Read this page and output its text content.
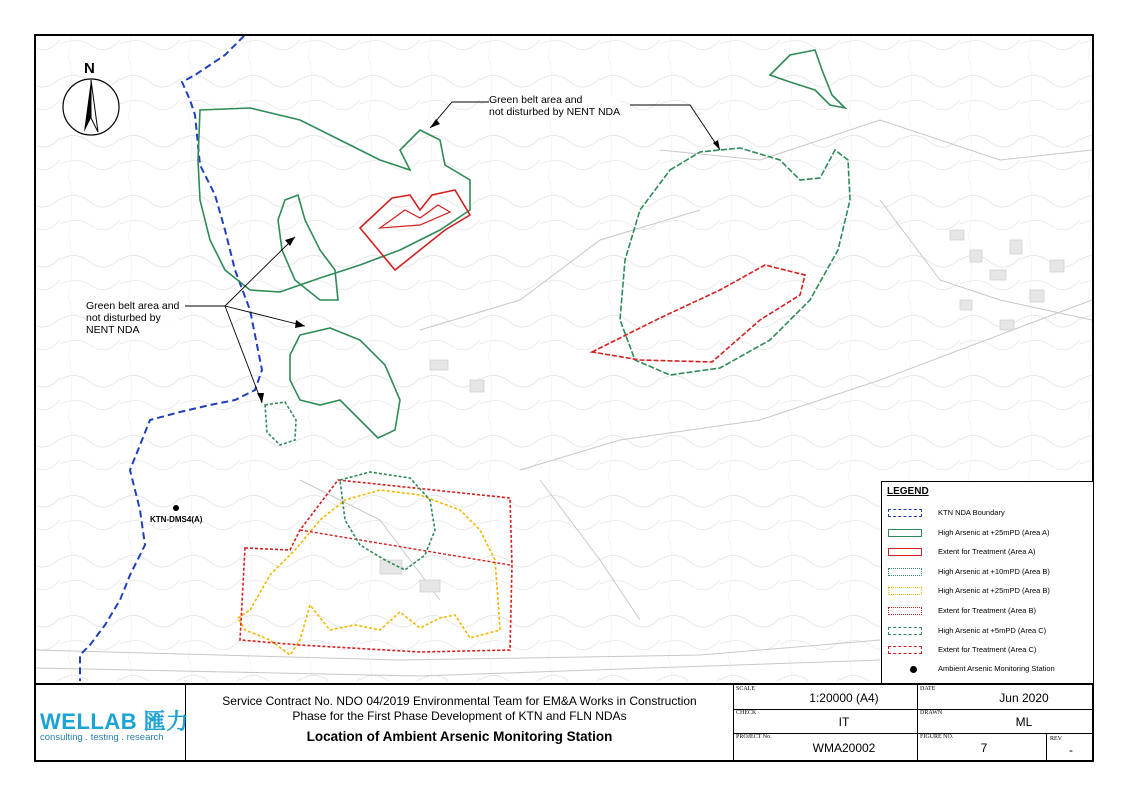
N
Green belt area and
not disturbed by NENT NDA
Green belt area and
not disturbed by
NENT NDA
KTN-DMS4(A)
LEGEND
KTN NDA Boundary
High Arsenic at +25mPD (Area A)
Extent for Treatment (Area A)
High Arsenic at +10mPD (Area B)
High Arsenic at +25mPD (Area B)
Extent for Treatment (Area B)
High Arsenic at +5mPD (Area C)
Extent for Treatment (Area C)
Ambient Arsenic Monitoring Station
WELLAB 匯力
consulting . testing . research
Service Contract No. NDO 04/2019 Environmental Team for EM&A Works in Construction
Phase for the First Phase Development of KTN and FLN NDAs
Location of Ambient Arsenic Monitoring Station
SCALE
1:20000 (A4)
DATE
Jun 2020
CHECK
IT
DRAWN
ML
PROJECT No.
WMA20002
FIGURE NO.
7
REV
-
